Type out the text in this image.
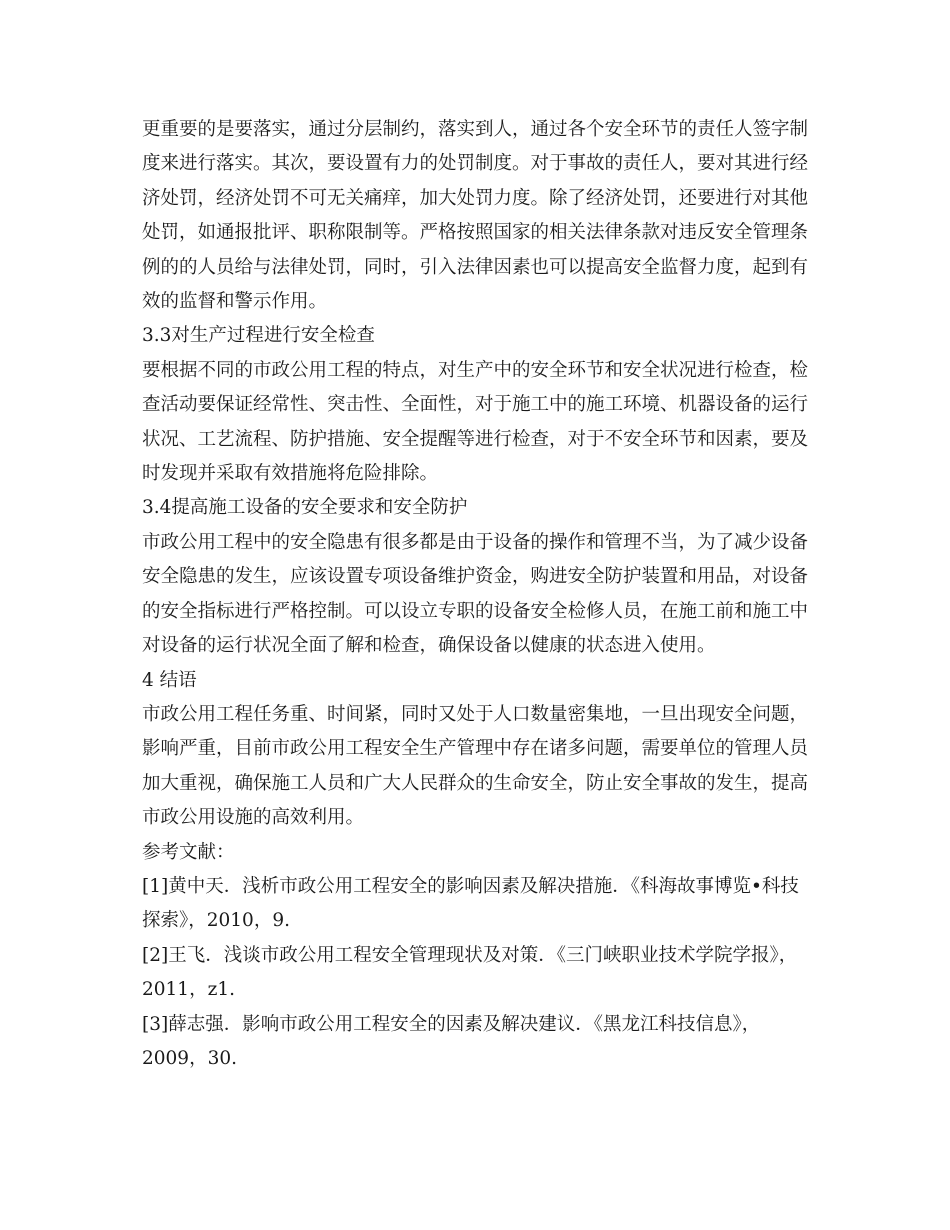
更重要的是要落实，通过分层制约，落实到人，通过各个安全环节的责任人签字制度来进行落实。其次，要设置有力的处罚制度。对于事故的责任人，要对其进行经济处罚，经济处罚不可无关痛痒，加大处罚力度。除了经济处罚，还要进行对其他处罚，如通报批评、职称限制等。严格按照国家的相关法律条款对违反安全管理条例的的人员给与法律处罚，同时，引入法律因素也可以提高安全监督力度，起到有效的监督和警示作用。

3.3对生产过程进行安全检查

要根据不同的市政公用工程的特点，对生产中的安全环节和安全状况进行检查，检查活动要保证经常性、突击性、全面性，对于施工中的施工环境、机器设备的运行状况、工艺流程、防护措施、安全提醒等进行检查，对于不安全环节和因素，要及时发现并采取有效措施将危险排除。

3.4提高施工设备的安全要求和安全防护

市政公用工程中的安全隐患有很多都是由于设备的操作和管理不当，为了减少设备安全隐患的发生，应该设置专项设备维护资金，购进安全防护装置和用品，对设备的安全指标进行严格控制。可以设立专职的设备安全检修人员，在施工前和施工中对设备的运行状况全面了解和检查，确保设备以健康的状态进入使用。

4 结语

市政公用工程任务重、时间紧，同时又处于人口数量密集地，一旦出现安全问题，影响严重，目前市政公用工程安全生产管理中存在诸多问题，需要单位的管理人员加大重视，确保施工人员和广大人民群众的生命安全，防止安全事故的发生，提高市政公用设施的高效利用。

参考文献：

[1]黄中天．浅析市政公用工程安全的影响因素及解决措施．《科海故事博览•科技探索》，2010，9.

[2]王飞．浅谈市政公用工程安全管理现状及对策．《三门峡职业技术学院学报》，2011，z1.

[3]薛志强．影响市政公用工程安全的因素及解决建议．《黑龙江科技信息》，2009，30.
